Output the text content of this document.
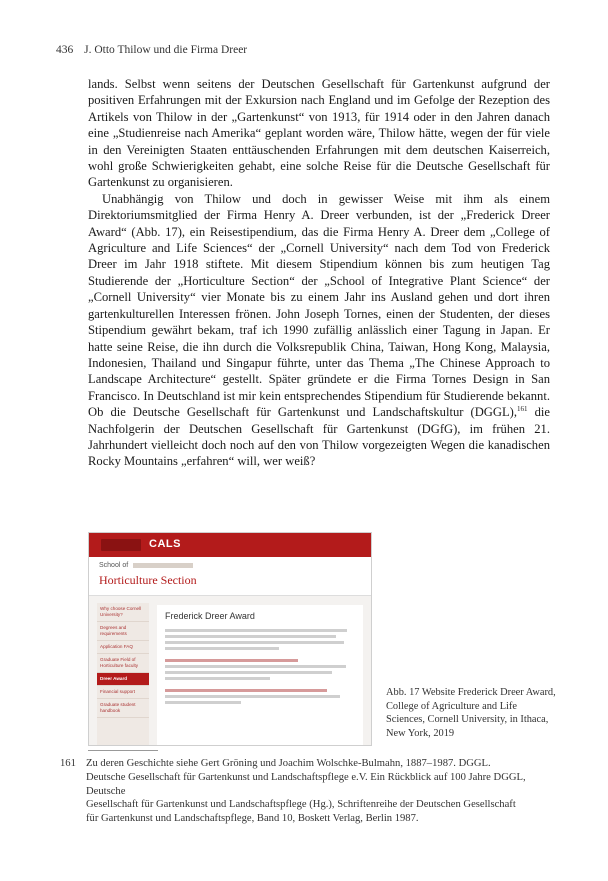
436 J. Otto Thilow und die Firma Dreer

lands. Selbst wenn seitens der Deutschen Gesellschaft für Gartenkunst aufgrund der positiven Erfahrungen mit der Exkursion nach England und im Gefolge der Rezeption des Artikels von Thilow in der „Gartenkunst“ von 1913, für 1914 oder in den Jahren danach eine „Studienreise nach Amerika“ geplant worden wäre, Thilow hätte, wegen der für viele in den Vereinigten Staaten enttäuschenden Erfahrungen mit dem deutschen Kaiserreich, wohl große Schwierigkeiten gehabt, eine solche Reise für die Deutsche Gesellschaft für Gartenkunst zu organisieren.

Unabhängig von Thilow und doch in gewisser Weise mit ihm als einem Direktoriumsmitglied der Firma Henry A. Dreer verbunden, ist der „Frederick Dreer Award“ (Abb. 17), ein Reisestipendium, das die Firma Henry A. Dreer dem „College of Agriculture and Life Sciences“ der „Cornell University“ nach dem Tod von Frederick Dreer im Jahr 1918 stiftete. Mit diesem Stipendium können bis zum heutigen Tag Studierende der „Horticulture Section“ der „School of Integrative Plant Science“ der „Cornell University“ vier Monate bis zu einem Jahr ins Ausland gehen und dort ihren gartenkulturellen Interessen frönen. John Joseph Tornes, einen der Studenten, der dieses Stipendium gewährt bekam, traf ich 1990 zufällig anlässlich einer Tagung in Japan. Er hatte seine Reise, die ihn durch die Volksrepublik China, Taiwan, Hong Kong, Malaysia, Indonesien, Thailand und Singapur führte, unter das Thema „The Chinese Approach to Landscape Architecture“ gestellt. Später gründete er die Firma Tornes Design in San Francisco. In Deutschland ist mir kein entsprechendes Stipendium für Studierende bekannt. Ob die Deutsche Gesellschaft für Gartenkunst und Landschaftskultur (DGGL),$^{161}$ die Nachfolgerin der Deutschen Gesellschaft für Gartenkunst (DGfG), im frühen 21. Jahrhundert vielleicht doch noch auf den von Thilow vorgezeigten Wegen die kanadischen Rocky Mountains „erfahren“ will, wer weiß?

CALS
School of
Horticulture Section
Why choose Cornell University?
Degrees and requirements
Application FAQ
Graduate Field of Horticulture faculty
Dreer Award
Financial support
Graduate student handbook
Frederick Dreer Award
Abb. 17 Website Frederick Dreer Award, College of Agriculture and Life Sciences, Cornell University, in Ithaca, New York, 2019
161 Zu deren Geschichte siehe Gert Gröning und Joachim Wolschke-Bulmahn, 1887–1987. DGGL.
Deutsche Gesellschaft für Gartenkunst und Landschaftspflege e.V. Ein Rückblick auf 100 Jahre DGGL, Deutsche
Gesellschaft für Gartenkunst und Landschaftspflege (Hg.), Schriftenreihe der Deutschen Gesellschaft
für Gartenkunst und Landschaftspflege, Band 10, Boskett Verlag, Berlin 1987.
